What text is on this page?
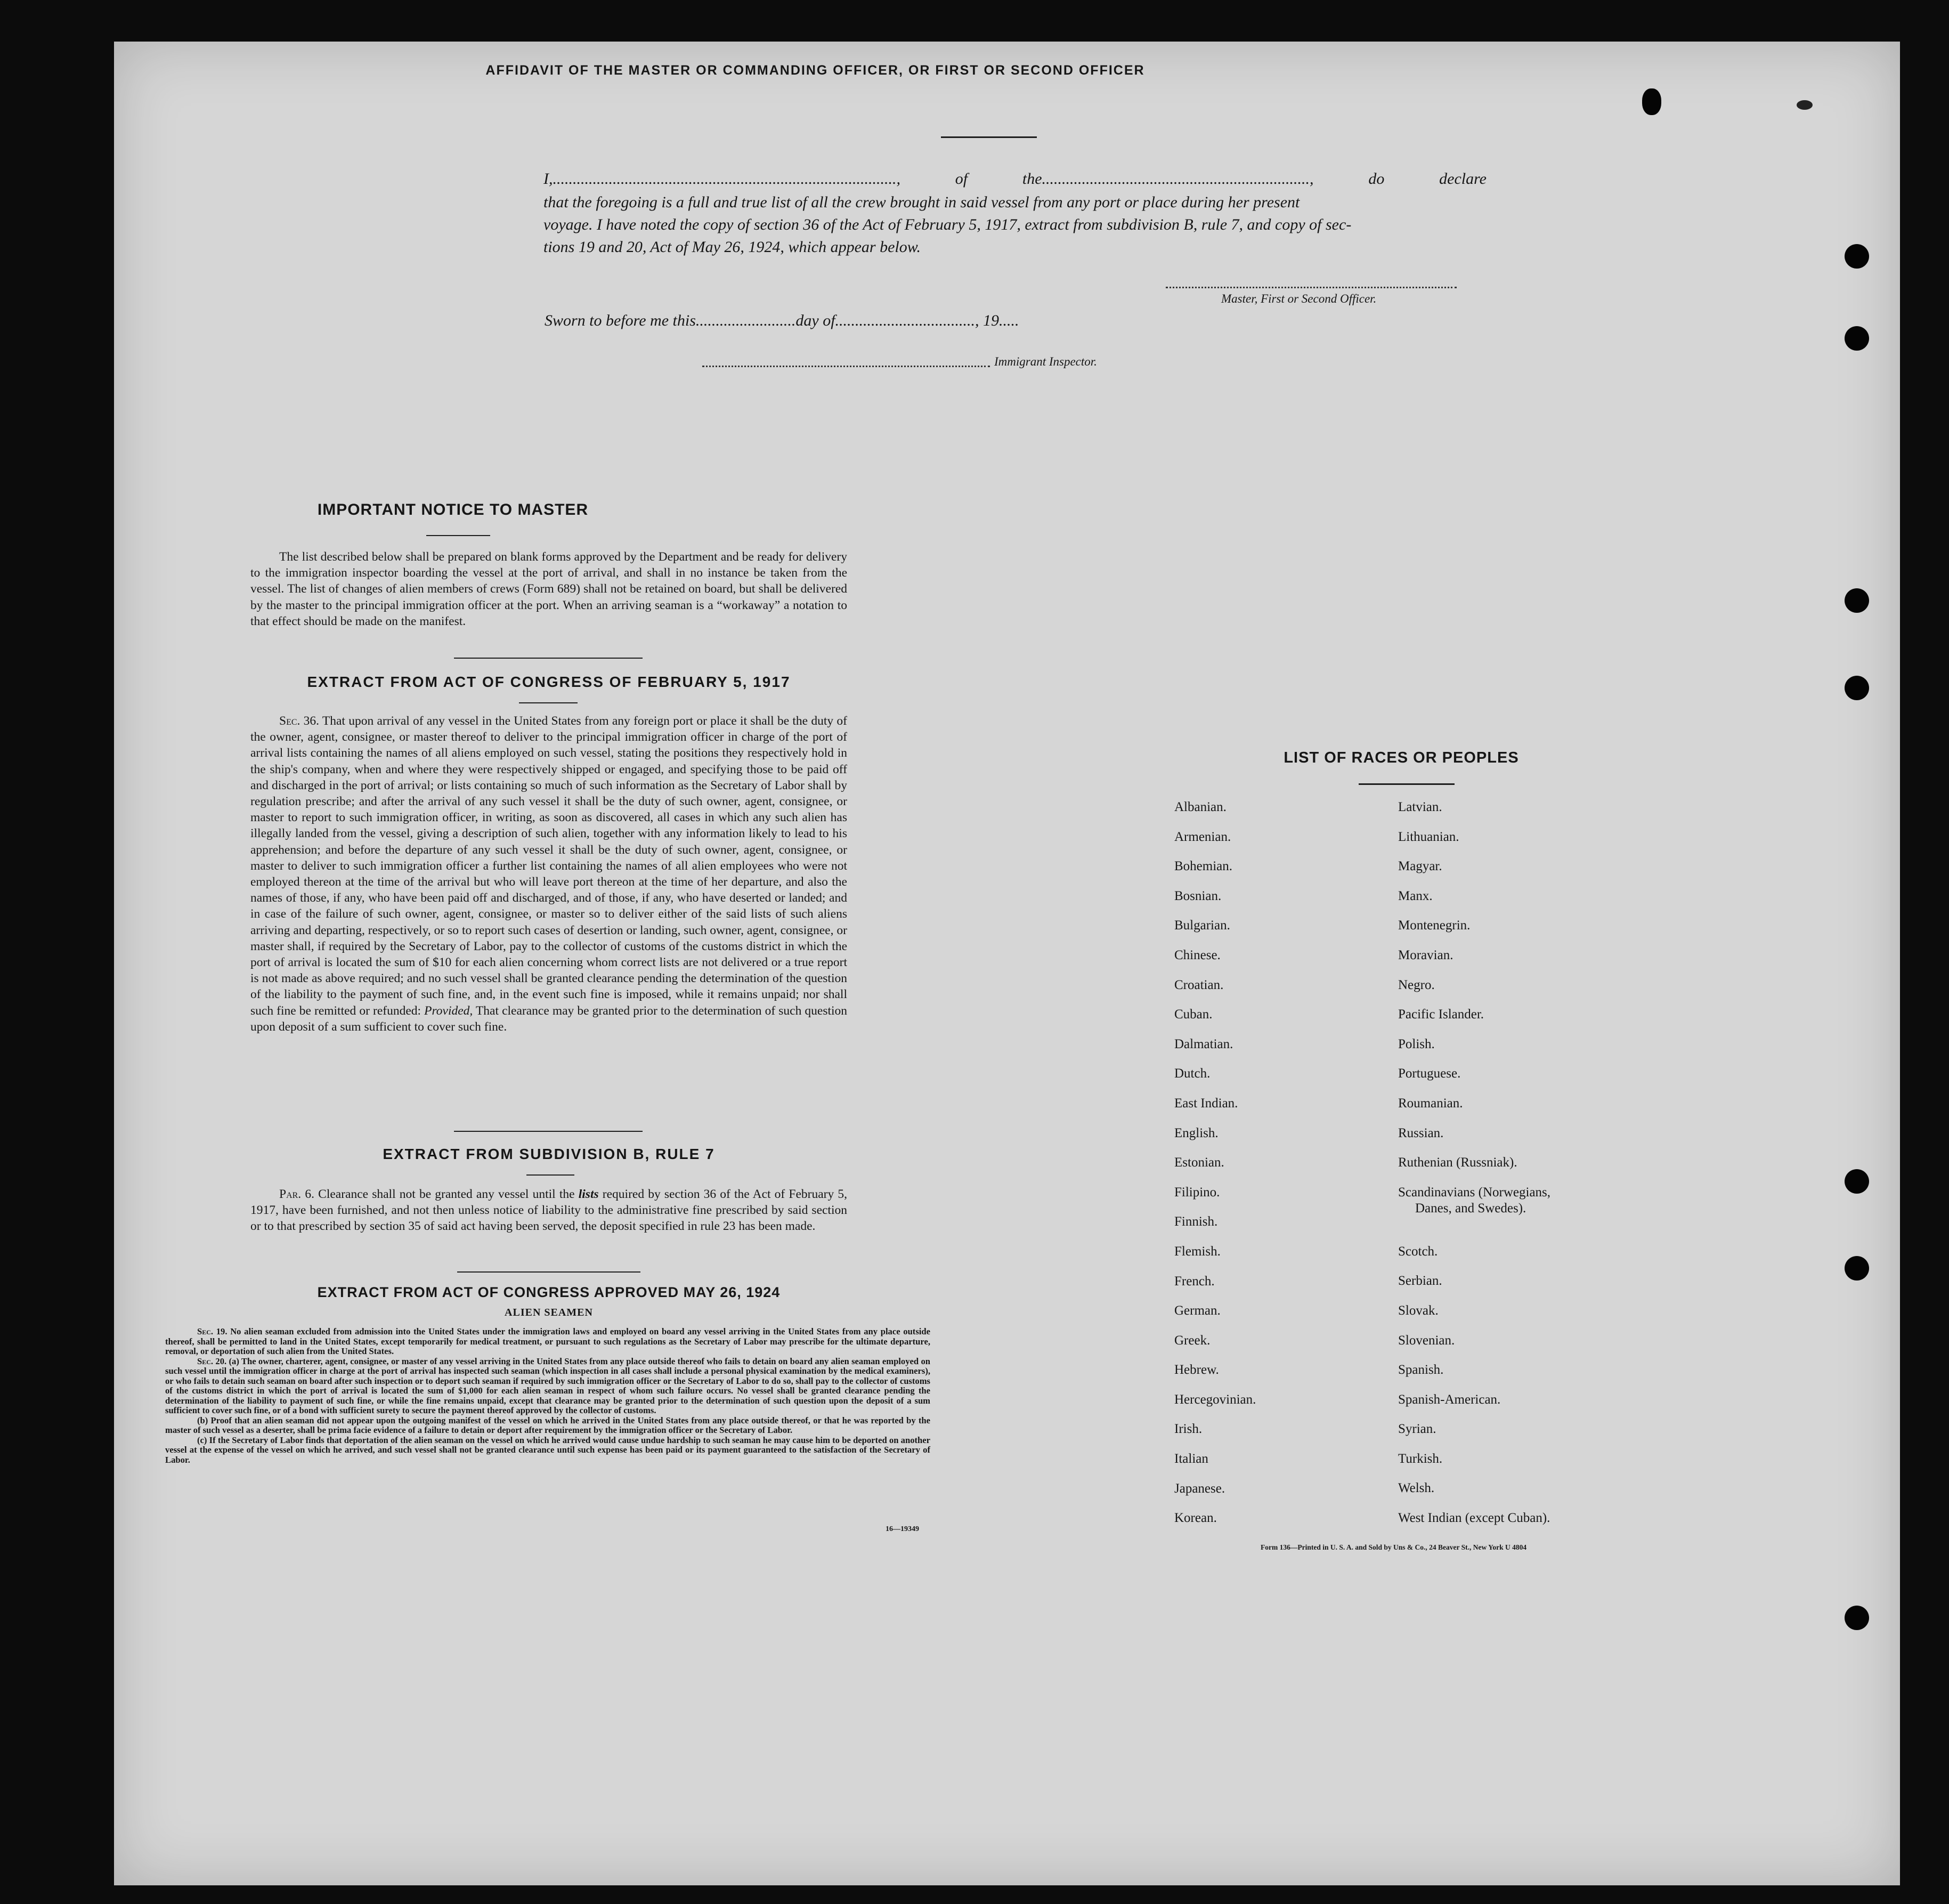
AFFIDAVIT OF THE MASTER OR COMMANDING OFFICER, OR FIRST OR SECOND OFFICER
I,......................................................................................, of the..................................................................., do declare
that the foregoing is a full and true list of all the crew brought in said vessel from any port or place during her present
voyage. I have noted the copy of section 36 of the Act of February 5, 1917, extract from subdivision B, rule 7, and copy of sec-
tions 19 and 20, Act of May 26, 1924, which appear below.
Master, First or Second Officer.
Sworn to before me this.........................day of..................................., 19.....
Immigrant Inspector.
IMPORTANT NOTICE TO MASTER
The list described below shall be prepared on blank forms approved by the Department and be ready for delivery to the immigration inspector boarding the vessel at the port of arrival, and shall in no instance be taken from the vessel. The list of changes of alien members of crews (Form 689) shall not be retained on board, but shall be delivered by the master to the principal immigration officer at the port. When an arriving seaman is a “workaway” a notation to that effect should be made on the manifest.
EXTRACT FROM ACT OF CONGRESS OF FEBRUARY 5, 1917
Sec. 36. That upon arrival of any vessel in the United States from any foreign port or place it shall be the duty of the owner, agent, consignee, or master thereof to deliver to the principal immigration officer in charge of the port of arrival lists containing the names of all aliens employed on such vessel, stating the positions they respectively hold in the ship's company, when and where they were respectively shipped or engaged, and specifying those to be paid off and discharged in the port of arrival; or lists containing so much of such information as the Secretary of Labor shall by regulation prescribe; and after the arrival of any such vessel it shall be the duty of such owner, agent, consignee, or master to report to such immigration officer, in writing, as soon as discovered, all cases in which any such alien has illegally landed from the vessel, giving a description of such alien, together with any information likely to lead to his apprehension; and before the departure of any such vessel it shall be the duty of such owner, agent, consignee, or master to deliver to such immigration officer a further list containing the names of all alien employees who were not employed thereon at the time of the arrival but who will leave port thereon at the time of her departure, and also the names of those, if any, who have been paid off and discharged, and of those, if any, who have deserted or landed; and in case of the failure of such owner, agent, consignee, or master so to deliver either of the said lists of such aliens arriving and departing, respectively, or so to report such cases of desertion or landing, such owner, agent, consignee, or master shall, if required by the Secretary of Labor, pay to the collector of customs of the customs district in which the port of arrival is located the sum of $10 for each alien concerning whom correct lists are not delivered or a true report is not made as above required; and no such vessel shall be granted clearance pending the determination of the question of the liability to the payment of such fine, and, in the event such fine is imposed, while it remains unpaid; nor shall such fine be remitted or refunded: Provided, That clearance may be granted prior to the determination of such question upon deposit of a sum sufficient to cover such fine.
EXTRACT FROM SUBDIVISION B, RULE 7
Par. 6. Clearance shall not be granted any vessel until the lists required by section 36 of the Act of February 5, 1917, have been furnished, and not then unless notice of liability to the administrative fine prescribed by said section or to that prescribed by section 35 of said act having been served, the deposit specified in rule 23 has been made.
EXTRACT FROM ACT OF CONGRESS APPROVED MAY 26, 1924
ALIEN SEAMEN
Sec. 19. No alien seaman excluded from admission into the United States under the immigration laws and employed on board any vessel arriving in the United States from any place outside thereof, shall be permitted to land in the United States, except temporarily for medical treatment, or pursuant to such regulations as the Secretary of Labor may prescribe for the ultimate departure, removal, or deportation of such alien from the United States.
Sec. 20. (a) The owner, charterer, agent, consignee, or master of any vessel arriving in the United States from any place outside thereof who fails to detain on board any alien seaman employed on such vessel until the immigration officer in charge at the port of arrival has inspected such seaman (which inspection in all cases shall include a personal physical examination by the medical examiners), or who fails to detain such seaman on board after such inspection or to deport such seaman if required by such immigration officer or the Secretary of Labor to do so, shall pay to the collector of customs of the customs district in which the port of arrival is located the sum of $1,000 for each alien seaman in respect of whom such failure occurs. No vessel shall be granted clearance pending the determination of the liability to payment of such fine, or while the fine remains unpaid, except that clearance may be granted prior to the determination of such question upon the deposit of a sum sufficient to cover such fine, or of a bond with sufficient surety to secure the payment thereof approved by the collector of customs.
(b) Proof that an alien seaman did not appear upon the outgoing manifest of the vessel on which he arrived in the United States from any place outside thereof, or that he was reported by the master of such vessel as a deserter, shall be prima facie evidence of a failure to detain or deport after requirement by the immigration officer or the Secretary of Labor.
(c) If the Secretary of Labor finds that deportation of the alien seaman on the vessel on which he arrived would cause undue hardship to such seaman he may cause him to be deported on another vessel at the expense of the vessel on which he arrived, and such vessel shall not be granted clearance until such expense has been paid or its payment guaranteed to the satisfaction of the Secretary of Labor.
16—19349
LIST OF RACES OR PEOPLES
Albanian.
Armenian.
Bohemian.
Bosnian.
Bulgarian.
Chinese.
Croatian.
Cuban.
Dalmatian.
Dutch.
East Indian.
English.
Estonian.
Filipino.
Finnish.
Flemish.
French.
German.
Greek.
Hebrew.
Hercegovinian.
Irish.
Italian
Japanese.
Korean.
Latvian.
Lithuanian.
Magyar.
Manx.
Montenegrin.
Moravian.
Negro.
Pacific Islander.
Polish.
Portuguese.
Roumanian.
Russian.
Ruthenian (Russniak).
Scandinavians (Norwegians,
Danes, and Swedes).
Scotch.
Serbian.
Slovak.
Slovenian.
Spanish.
Spanish-American.
Syrian.
Turkish.
Welsh.
West Indian (except Cuban).
Form 136—Printed in U. S. A. and Sold by Uns & Co., 24 Beaver St., New York U 4804
